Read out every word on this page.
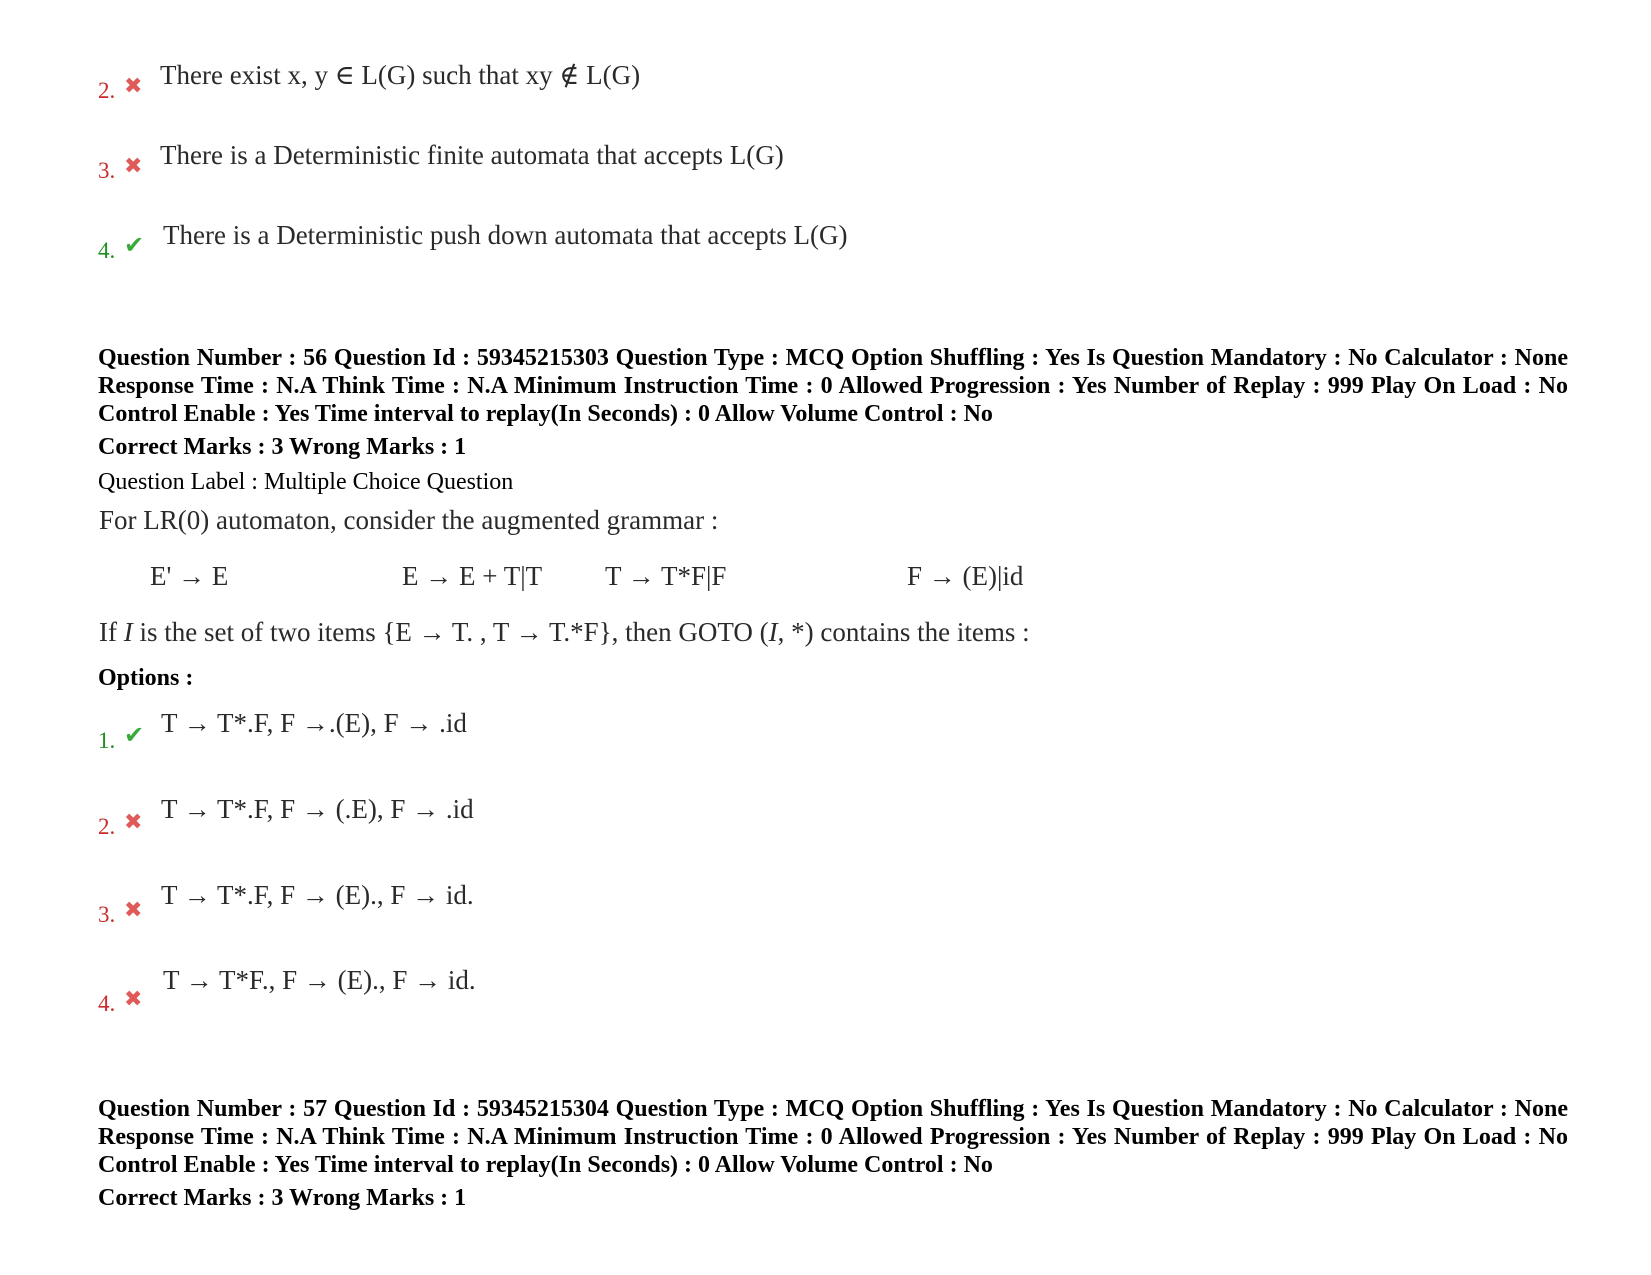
2. ✖ There exist x, y ∈ L(G) such that xy ∉ L(G)
3. ✖ There is a Deterministic finite automata that accepts L(G)
4. ✔ There is a Deterministic push down automata that accepts L(G)
Question Number : 56 Question Id : 59345215303 Question Type : MCQ Option Shuffling : Yes Is Question Mandatory : No Calculator : None Response Time : N.A Think Time : N.A Minimum Instruction Time : 0 Allowed Progression : Yes Number of Replay : 999 Play On Load : No Control Enable : Yes Time interval to replay(In Seconds) : 0 Allow Volume Control : No
Correct Marks : 3 Wrong Marks : 1
Question Label : Multiple Choice Question
For LR(0) automaton, consider the augmented grammar :
E' → E	E → E + T|T T → T*F|F	F → (E)|id
If I is the set of two items {E → T. , T → T.*F}, then GOTO (I, *) contains the items :
Options :
1. ✔ T → T*.F, F →.(E), F → .id
2. ✖ T → T*.F, F → (.E), F → .id
3. ✖ T → T*.F, F → (E)., F → id.
4. ✖
T → T*F., F → (E)., F → id.
Question Number : 57 Question Id : 59345215304 Question Type : MCQ Option Shuffling : Yes Is Question Mandatory : No Calculator : None Response Time : N.A Think Time : N.A Minimum Instruction Time : 0 Allowed Progression : Yes Number of Replay : 999 Play On Load : No Control Enable : Yes Time interval to replay(In Seconds) : 0 Allow Volume Control : No
Correct Marks : 3 Wrong Marks : 1
